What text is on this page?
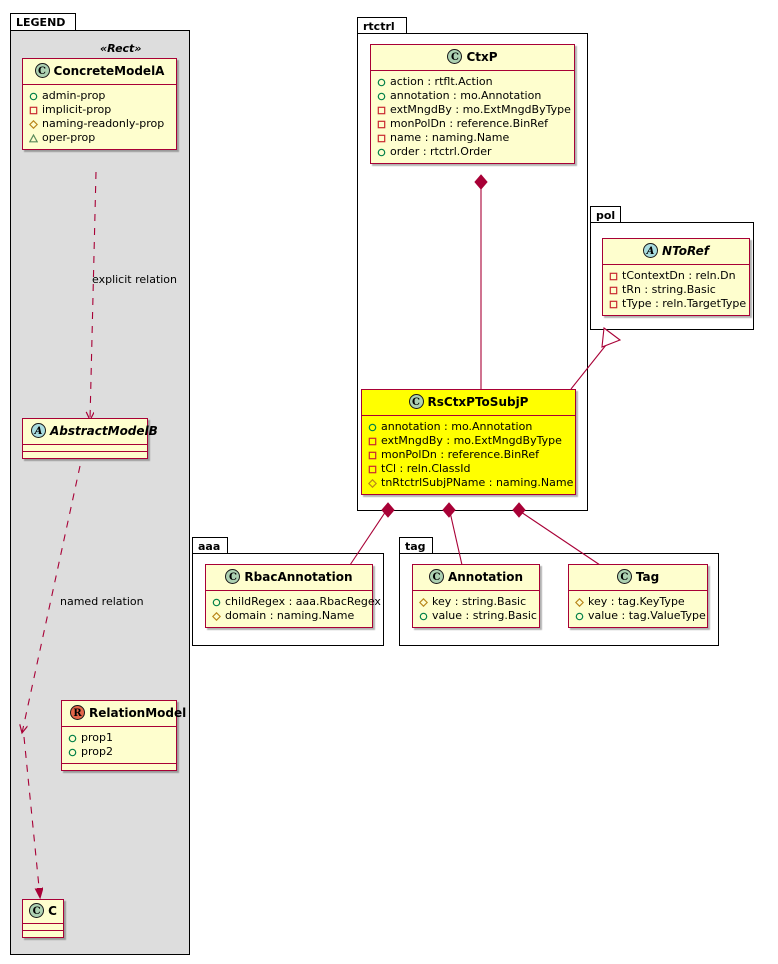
LEGEND	rtctrl
pol
aaa	tag
explicit relation
named relation
«Rect»
C ConcreteModelA
admin-prop
implicit-prop
naming-readonly-prop
oper-prop
A AbstractModelB
R RelationModel
prop1
prop2
C C
C CtxP
action : rtflt.Action
annotation : mo.Annotation
extMngdBy : mo.ExtMngdByType
monPolDn : reference.BinRef
name : naming.Name
order : rtctrl.Order
A NToRef
tContextDn : reln.Dn
tRn : string.Basic
tType : reln.TargetType
C RsCtxPToSubjP
annotation : mo.Annotation
extMngdBy : mo.ExtMngdByType
monPolDn : reference.BinRef
tCl : reln.ClassId
tnRtctrlSubjPName : naming.Name
C RbacAnnotation
childRegex : aaa.RbacRegex
domain : naming.Name
C Annotation
key : string.Basic
value : string.Basic
C Tag
key : tag.KeyType
value : tag.ValueType
